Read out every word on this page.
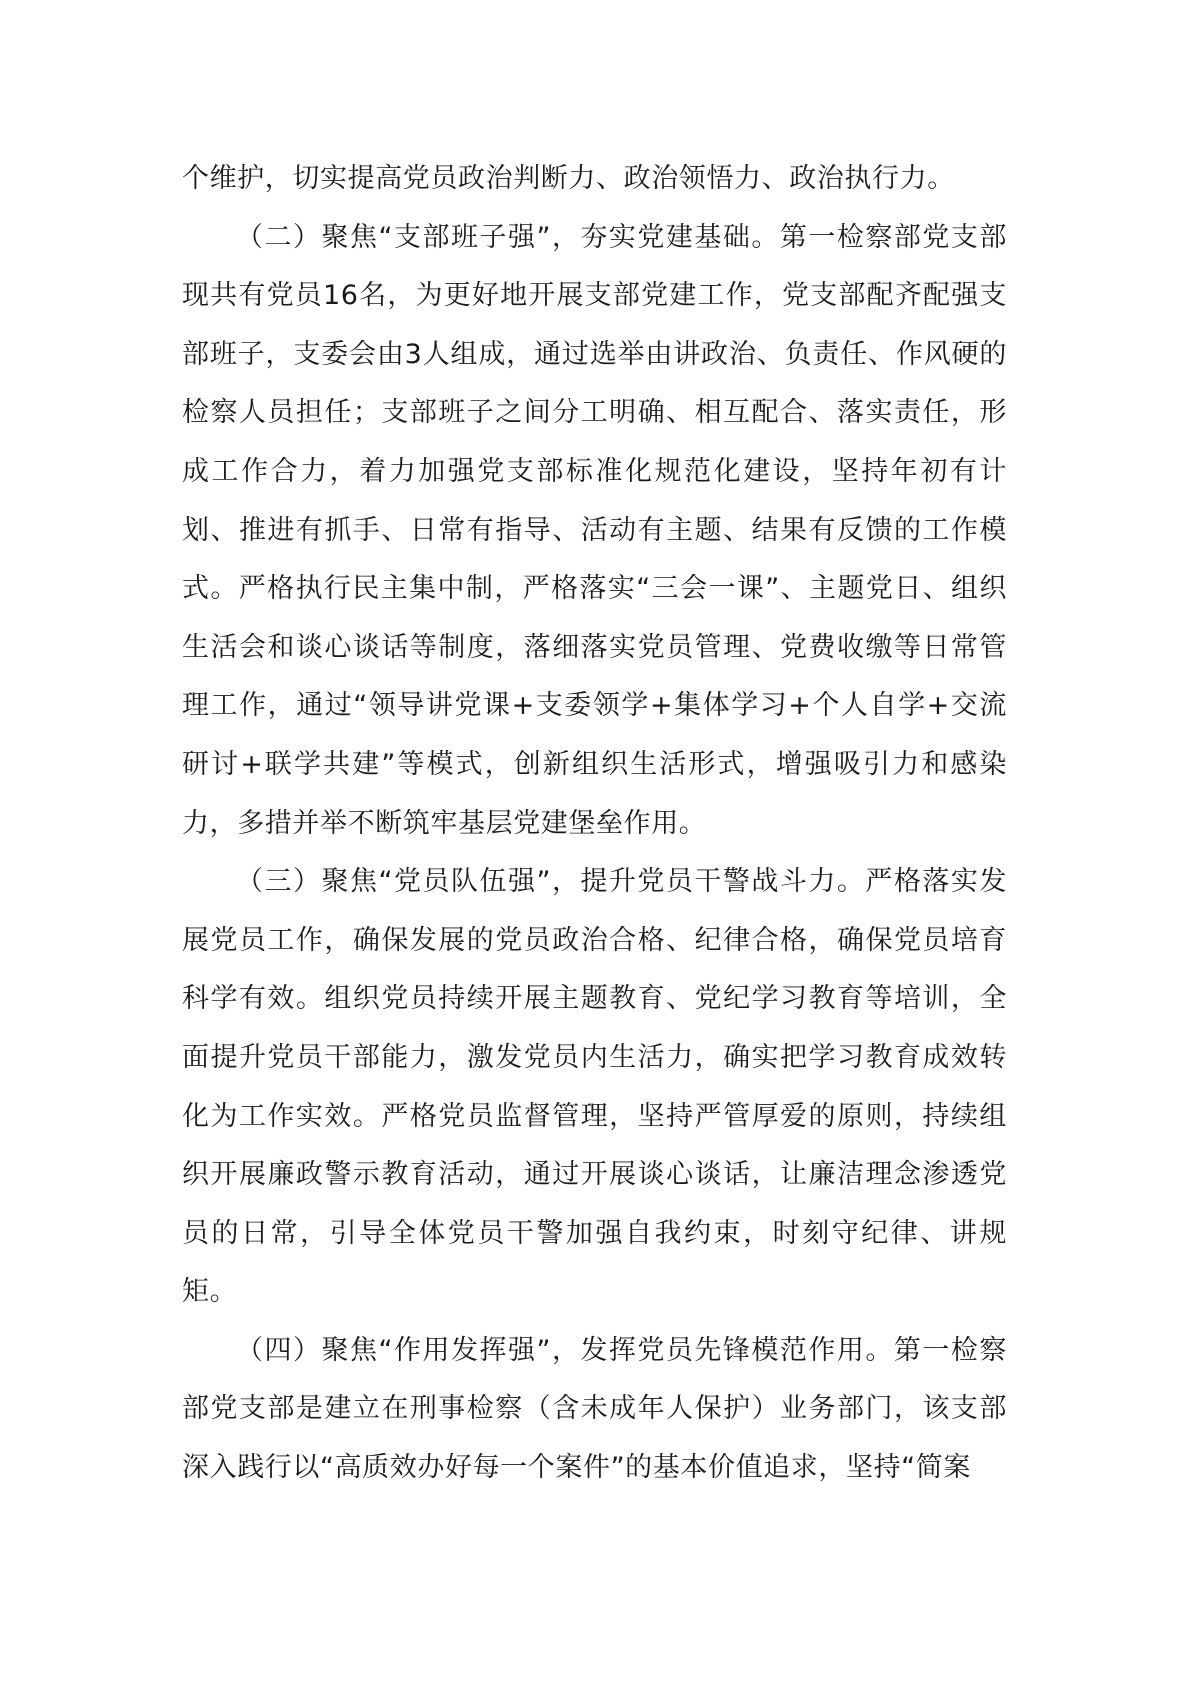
个维护，切实提高党员政治判断力、政治领悟力、政治执行力。

（二）聚焦“支部班子强”，夯实党建基础。第一检察部党支部现共有党员16名，为更好地开展支部党建工作，党支部配齐配强支部班子，支委会由3人组成，通过选举由讲政治、负责任、作风硬的检察人员担任；支部班子之间分工明确、相互配合、落实责任，形成工作合力，着力加强党支部标准化规范化建设，坚持年初有计划、推进有抓手、日常有指导、活动有主题、结果有反馈的工作模式。严格执行民主集中制，严格落实“三会一课”、主题党日、组织生活会和谈心谈话等制度，落细落实党员管理、党费收缴等日常管理工作，通过“领导讲党课+支委领学+集体学习+个人自学+交流研讨+联学共建”等模式，创新组织生活形式，增强吸引力和感染力，多措并举不断筑牢基层党建堡垒作用。

（三）聚焦“党员队伍强”，提升党员干警战斗力。严格落实发展党员工作，确保发展的党员政治合格、纪律合格，确保党员培育科学有效。组织党员持续开展主题教育、党纪学习教育等培训，全面提升党员干部能力，激发党员内生活力，确实把学习教育成效转化为工作实效。严格党员监督管理，坚持严管厚爱的原则，持续组织开展廉政警示教育活动，通过开展谈心谈话，让廉洁理念渗透党员的日常，引导全体党员干警加强自我约束，时刻守纪律、讲规矩。

（四）聚焦“作用发挥强”，发挥党员先锋模范作用。第一检察部党支部是建立在刑事检察（含未成年人保护）业务部门，该支部深入践行以“高质效办好每一个案件”的基本价值追求，坚持“简案
